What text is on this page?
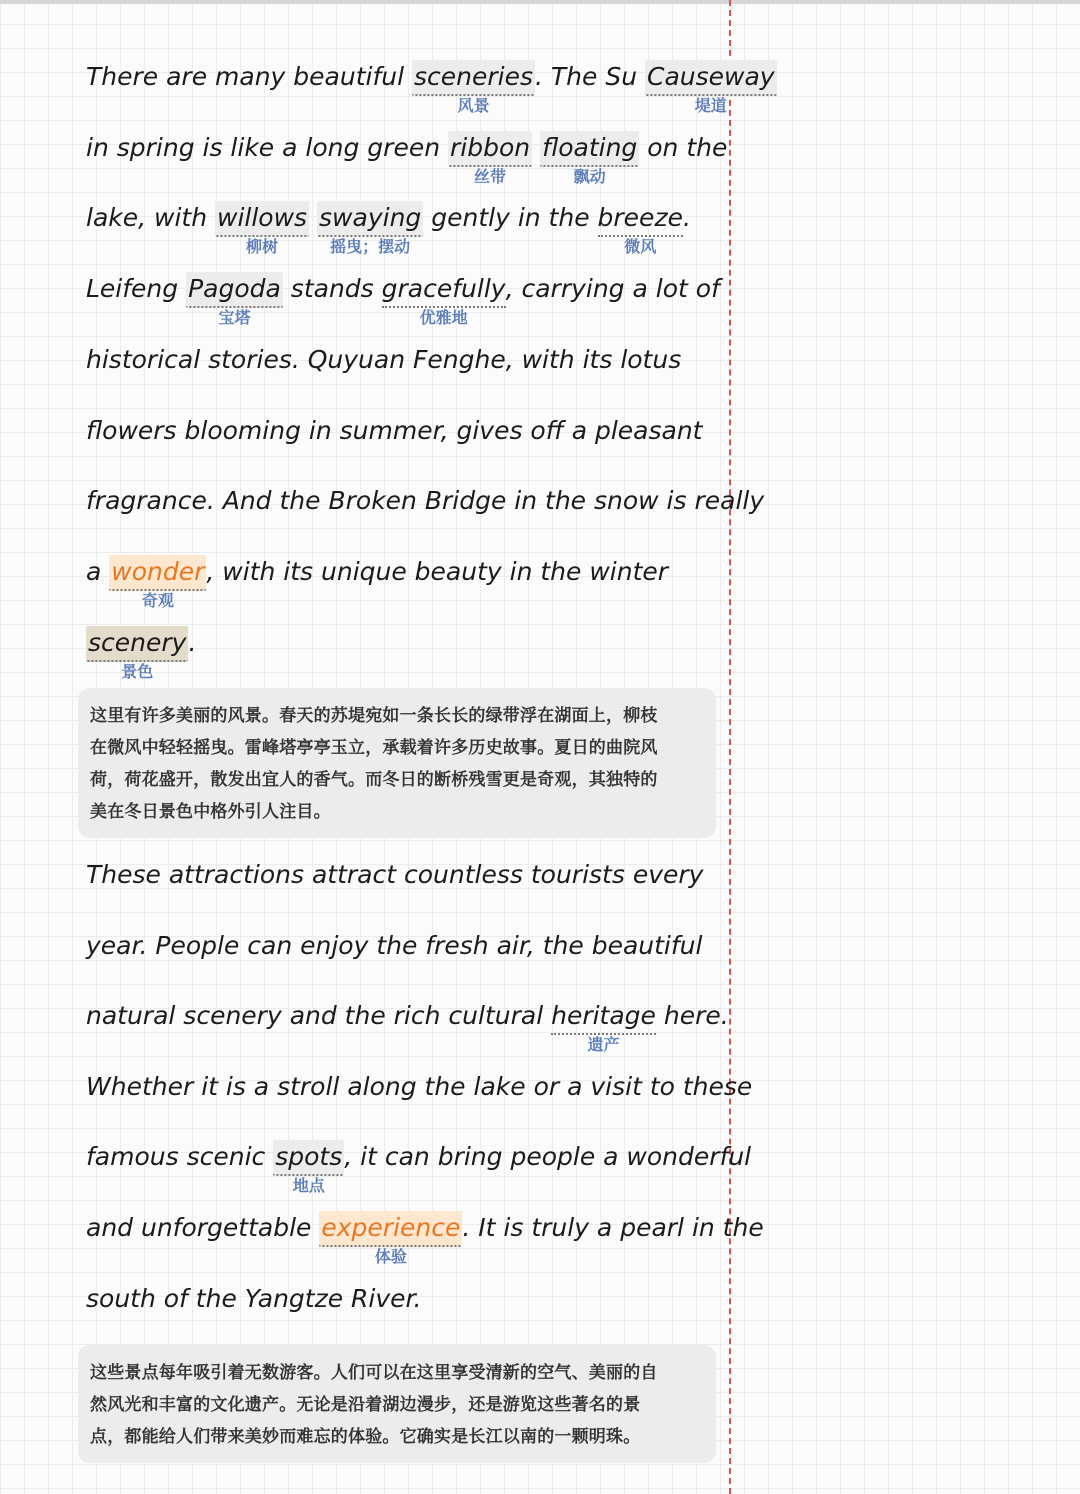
There are many beautiful sceneries
风景
. The Su Causeway
堤道
in spring is like a long green ribbon
丝带
floating
飘动
on the
lake, with willows
柳树
swaying
摇曳；摆动
gently in the breeze
微风
.
Leifeng Pagoda
宝塔
stands gracefully
优雅地
, carrying a lot of
historical stories. Quyuan Fenghe, with its lotus
flowers blooming in summer, gives off a pleasant
fragrance. And the Broken Bridge in the snow is really
a wonder
奇观
, with its unique beauty in the winter
scenery
景色
.
这里有许多美丽的风景。春天的苏堤宛如一条长长的绿带浮在湖面上，柳枝
在微风中轻轻摇曳。雷峰塔亭亭玉立，承载着许多历史故事。夏日的曲院风
荷，荷花盛开，散发出宜人的香气。而冬日的断桥残雪更是奇观，其独特的
美在冬日景色中格外引人注目。
These attractions attract countless tourists every
year. People can enjoy the fresh air, the beautiful
natural scenery and the rich cultural heritage
遗产
here.
Whether it is a stroll along the lake or a visit to these
famous scenic spots
地点
, it can bring people a wonderful
and unforgettable experience
体验
. It is truly a pearl in the
south of the Yangtze River.
这些景点每年吸引着无数游客。人们可以在这里享受清新的空气、美丽的自
然风光和丰富的文化遗产。无论是沿着湖边漫步，还是游览这些著名的景
点，都能给人们带来美妙而难忘的体验。它确实是长江以南的一颗明珠。
